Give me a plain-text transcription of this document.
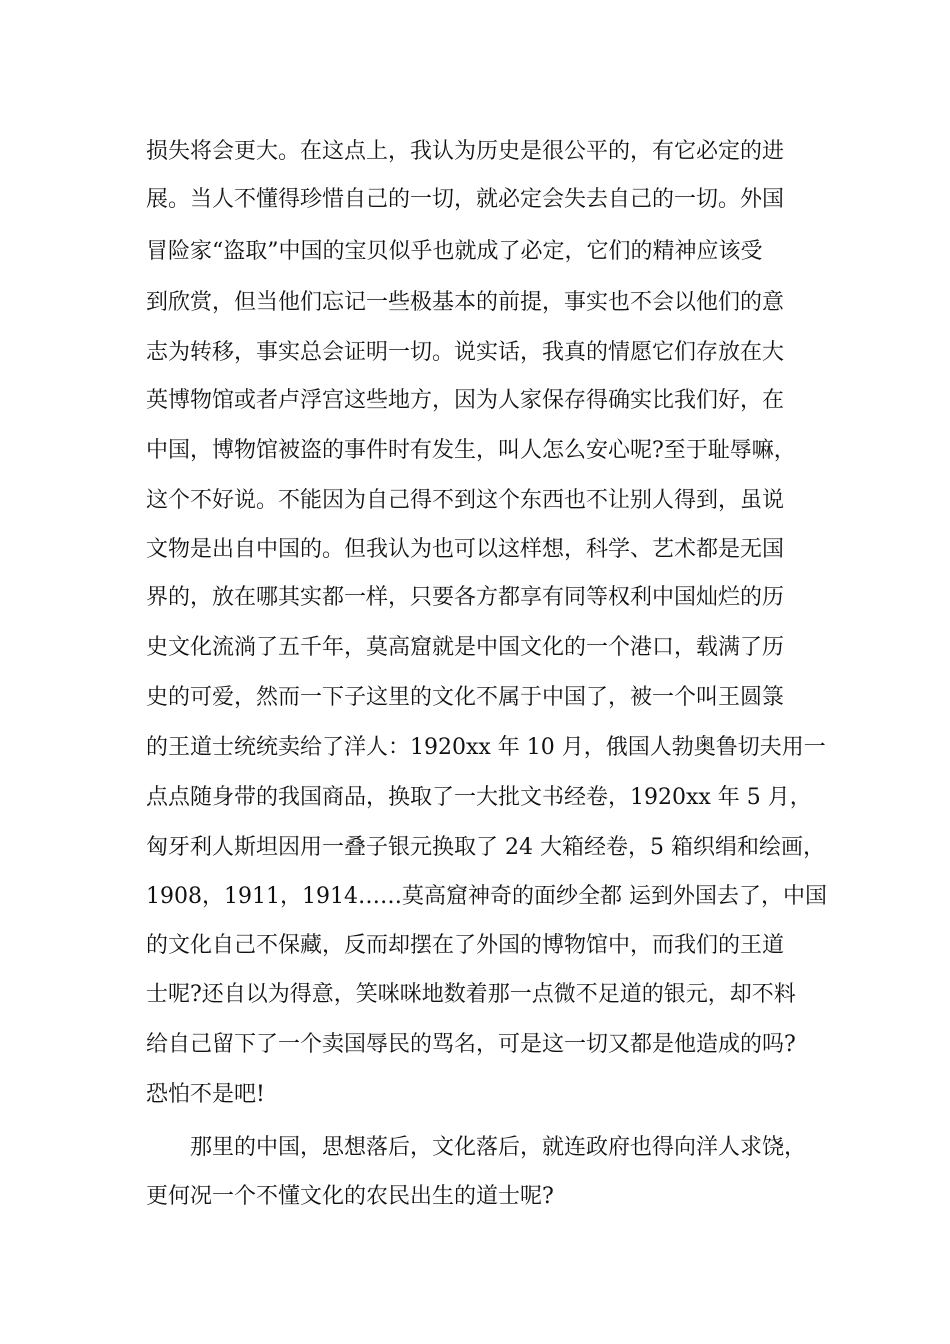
损失将会更大。在这点上，我认为历史是很公平的，有它必定的进
展。当人不懂得珍惜自己的一切，就必定会失去自己的一切。外国
冒险家“盗取”中国的宝贝似乎也就成了必定，它们的精神应该受
到欣赏，但当他们忘记一些极基本的前提，事实也不会以他们的意
志为转移，事实总会证明一切。说实话，我真的情愿它们存放在大
英博物馆或者卢浮宫这些地方，因为人家保存得确实比我们好，在
中国，博物馆被盗的事件时有发生，叫人怎么安心呢?至于耻辱嘛，
这个不好说。不能因为自己得不到这个东西也不让别人得到，虽说
文物是出自中国的。但我认为也可以这样想，科学、艺术都是无国
界的，放在哪其实都一样，只要各方都享有同等权利中国灿烂的历
史文化流淌了五千年，莫高窟就是中国文化的一个港口，载满了历
史的可爱，然而一下子这里的文化不属于中国了，被一个叫王圆箓
的王道士统统卖给了洋人：1920xx 年 10 月，俄国人勃奥鲁切夫用一
点点随身带的我国商品，换取了一大批文书经卷，1920xx 年 5 月，
匈牙利人斯坦因用一叠子银元换取了 24 大箱经卷，5 箱织绢和绘画，
1908，1911，1914……莫高窟神奇的面纱全都 运到外国去了，中国
的文化自己不保藏，反而却摆在了外国的博物馆中，而我们的王道
士呢?还自以为得意，笑咪咪地数着那一点微不足道的银元，却不料
给自己留下了一个卖国辱民的骂名，可是这一切又都是他造成的吗?
恐怕不是吧!
那里的中国，思想落后，文化落后，就连政府也得向洋人求饶，
更何况一个不懂文化的农民出生的道士呢?
